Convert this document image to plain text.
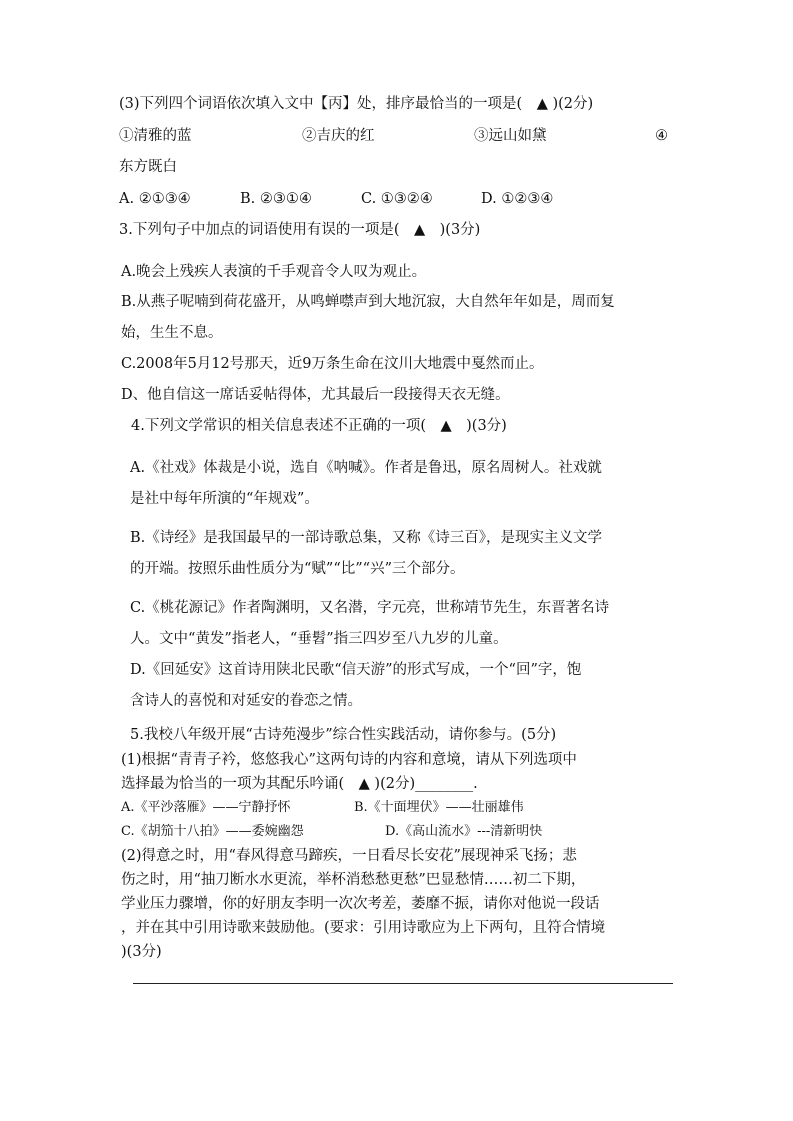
(3)下列四个词语依次填入文中【丙】处，排序最恰当的一项是(　▲ )(2分)
①清雅的蓝	②吉庆的红	③远山如黛	④
东方既白
A. ②①③④	B. ②③①④	C. ①③②④	D. ①②③④
3.下列句子中加点的词语使用有误的一项是(　▲　)(3分)
A.晚会上残疾人表演的千手观音令人叹为观止。
B.从燕子呢喃到荷花盛开，从鸣蝉噤声到大地沉寂，大自然年年如是，周而复
始，生生不息。
C.2008年5月12号那天，近9万条生命在汶川大地震中戛然而止。
D、他自信这一席话妥帖得体，尤其最后一段接得天衣无缝。
4.下列文学常识的相关信息表述不正确的一项(　▲　)(3分)
A.《社戏》体裁是小说，选自《呐喊》。作者是鲁迅，原名周树人。社戏就
是社中每年所演的“年规戏”。
B.《诗经》是我国最早的一部诗歌总集，又称《诗三百》，是现实主义文学
的开端。按照乐曲性质分为“赋”“比”“兴”三个部分。
C.《桃花源记》作者陶渊明，又名潜，字元亮，世称靖节先生，东晋著名诗
人。文中“黄发”指老人，“垂髫”指三四岁至八九岁的儿童。
D.《回延安》这首诗用陕北民歌“信天游”的形式写成，一个“回”字，饱
含诗人的喜悦和对延安的眷恋之情。
5.我校八年级开展“古诗苑漫步”综合性实践活动，请你参与。(5分)
(1)根据“青青子衿，悠悠我心”这两句诗的内容和意境，请从下列选项中
选择最为恰当的一项为其配乐吟诵(　▲ )(2分)________.
A.《平沙落雁》——宁静抒怀	B.《十面埋伏》——壮丽雄伟
C.《胡笳十八拍》——委婉幽怨	D.《高山流水》---清新明快
(2)得意之时，用“春风得意马蹄疾，一日看尽长安花”展现神采飞扬；悲
伤之时，用“抽刀断水水更流，举杯消愁愁更愁”巴显愁情……初二下期，
学业压力骤增，你的好朋友李明一次次考差，萎靡不振，请你对他说一段话
，并在其中引用诗歌来鼓励他。(要求：引用诗歌应为上下两句，且符合情境
)(3分)
